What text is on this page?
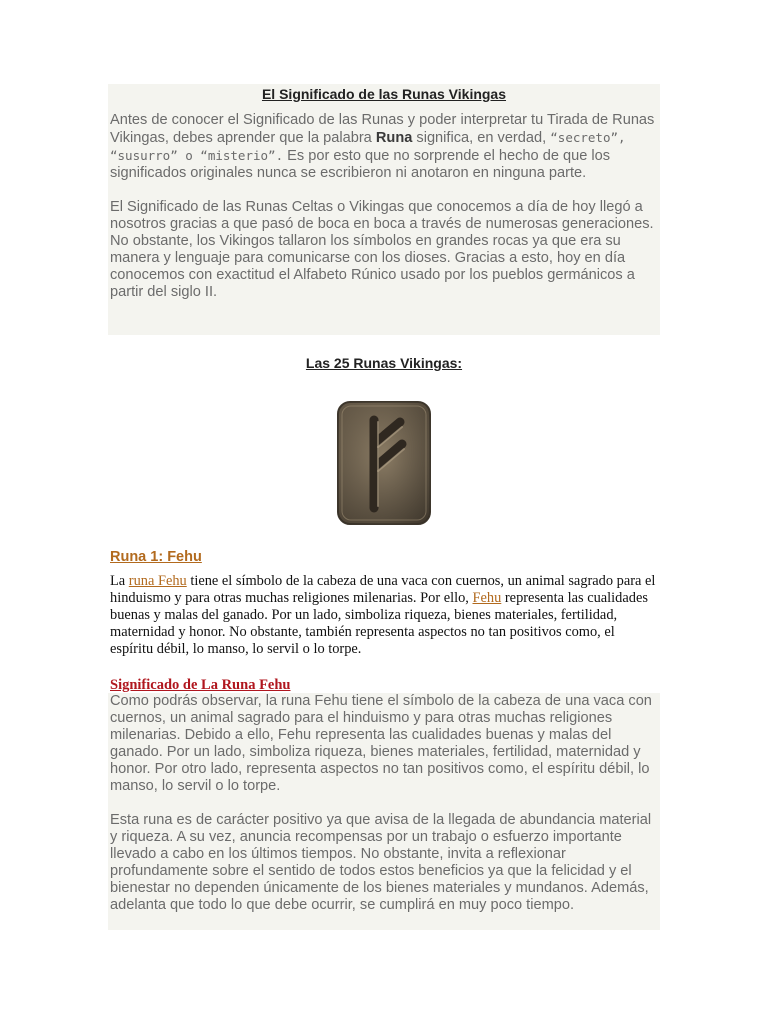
El Significado de las Runas Vikingas

Antes de conocer el Significado de las Runas y poder interpretar tu Tirada de Runas Vikingas, debes aprender que la palabra Runa significa, en verdad, “secreto”, “susurro” o “misterio”. Es por esto que no sorprende el hecho de que los significados originales nunca se escribieron ni anotaron en ninguna parte.

El Significado de las Runas Celtas o Vikingas que conocemos a día de hoy llegó a nosotros gracias a que pasó de boca en boca a través de numerosas generaciones. No obstante, los Vikingos tallaron los símbolos en grandes rocas ya que era su manera y lenguaje para comunicarse con los dioses. Gracias a esto, hoy en día conocemos con exactitud el Alfabeto Rúnico usado por los pueblos germánicos a partir del siglo II.

Las 25 Runas Vikingas:
Runa 1: Fehu

La runa Fehu tiene el símbolo de la cabeza de una vaca con cuernos, un animal sagrado para el hinduismo y para otras muchas religiones milenarias. Por ello, Fehu representa las cualidades buenas y malas del ganado. Por un lado, simboliza riqueza, bienes materiales, fertilidad, maternidad y honor. No obstante, también representa aspectos no tan positivos como, el espíritu débil, lo manso, lo servil o lo torpe.

Significado de La Runa Fehu

Como podrás observar, la runa Fehu tiene el símbolo de la cabeza de una vaca con cuernos, un animal sagrado para el hinduismo y para otras muchas religiones milenarias. Debido a ello, Fehu representa las cualidades buenas y malas del ganado. Por un lado, simboliza riqueza, bienes materiales, fertilidad, maternidad y honor. Por otro lado, representa aspectos no tan positivos como, el espíritu débil, lo manso, lo servil o lo torpe.

Esta runa es de carácter positivo ya que avisa de la llegada de abundancia material y riqueza. A su vez, anuncia recompensas por un trabajo o esfuerzo importante llevado a cabo en los últimos tiempos. No obstante, invita a reflexionar profundamente sobre el sentido de todos estos beneficios ya que la felicidad y el bienestar no dependen únicamente de los bienes materiales y mundanos. Además, adelanta que todo lo que debe ocurrir, se cumplirá en muy poco tiempo.
